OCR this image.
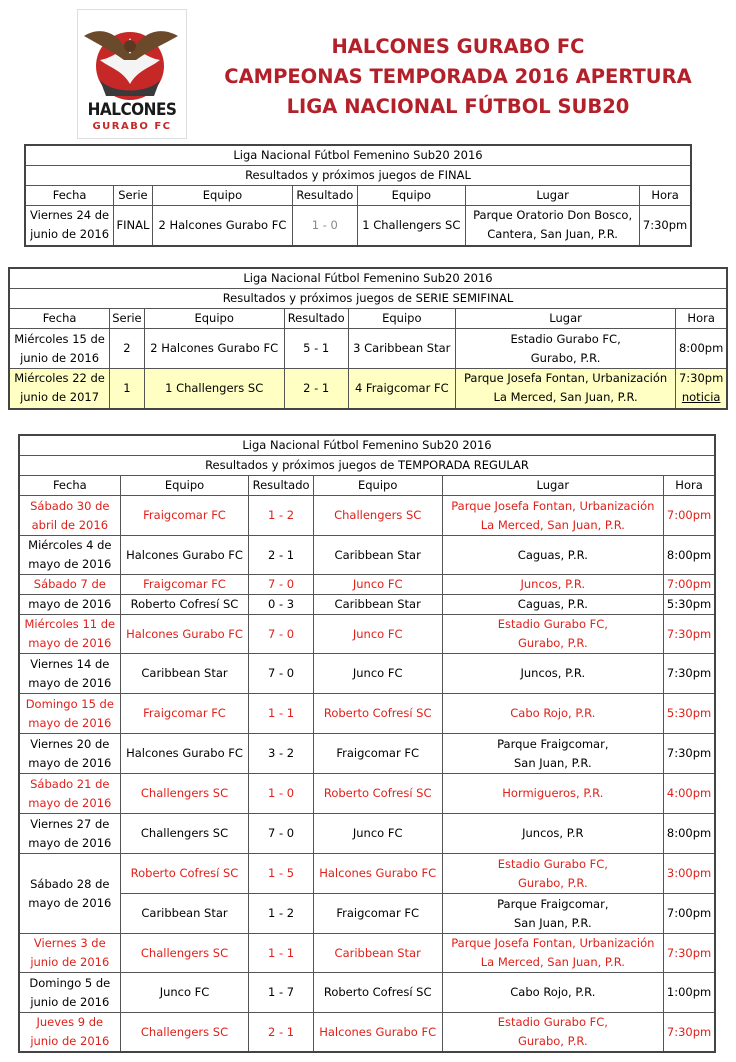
HALCONES
GURABO FC
HALCONES GURABO FC
CAMPEONAS TEMPORADA 2016 APERTURA
LIGA NACIONAL FÚTBOL SUB20
Liga Nacional Fútbol Femenino Sub20 2016						
Resultados y próximos juegos de FINAL						
Fecha	Serie	Equipo	Resultado	Equipo	Lugar	Hora
Viernes 24 de
junio de 2016	FINAL	2 Halcones Gurabo FC	1 - 0	1 Challengers SC	Parque Oratorio Don Bosco,
Cantera, San Juan, P.R.	7:30pm
Liga Nacional Fútbol Femenino Sub20 2016						
Resultados y próximos juegos de SERIE SEMIFINAL						
Fecha	Serie	Equipo	Resultado	Equipo	Lugar	Hora
Miércoles 15 de
junio de 2016	2	2 Halcones Gurabo FC	5 - 1	3 Caribbean Star	Estadio Gurabo FC,
Gurabo, P.R.	8:00pm
Miércoles 22 de
junio de 2017	1	1 Challengers SC	2 - 1	4 Fraigcomar FC	Parque Josefa Fontan, Urbanización
La Merced, San Juan, P.R.	7:30pm
noticia
Liga Nacional Fútbol Femenino Sub20 2016					
Resultados y próximos juegos de TEMPORADA REGULAR					
Fecha	Equipo	Resultado	Equipo	Lugar	Hora
Sábado 30 de
abril de 2016	Fraigcomar FC	1 - 2	Challengers SC	Parque Josefa Fontan, Urbanización
La Merced, San Juan, P.R.	7:00pm
Miércoles 4 de
mayo de 2016	Halcones Gurabo FC	2 - 1	Caribbean Star	Caguas, P.R.	8:00pm
Sábado 7 de	Fraigcomar FC	7 - 0	Junco FC	Juncos, P.R.	7:00pm
mayo de 2016	Roberto Cofresí SC	0 - 3	Caribbean Star	Caguas, P.R.	5:30pm
Miércoles 11 de
mayo de 2016	Halcones Gurabo FC	7 - 0	Junco FC	Estadio Gurabo FC,
Gurabo, P.R.	7:30pm
Viernes 14 de
mayo de 2016	Caribbean Star	7 - 0	Junco FC	Juncos, P.R.	7:30pm
Domingo 15 de
mayo de 2016	Fraigcomar FC	1 - 1	Roberto Cofresí SC	Cabo Rojo, P.R.	5:30pm
Viernes 20 de
mayo de 2016	Halcones Gurabo FC	3 - 2	Fraigcomar FC	Parque Fraigcomar,
San Juan, P.R.	7:30pm
Sábado 21 de
mayo de 2016	Challengers SC	1 - 0	Roberto Cofresí SC	Hormigueros, P.R.	4:00pm
Viernes 27 de
mayo de 2016	Challengers SC	7 - 0	Junco FC	Juncos, P.R	8:00pm
Sábado 28 de
mayo de 2016	Roberto Cofresí SC	1 - 5	Halcones Gurabo FC	Estadio Gurabo FC,
Gurabo, P.R.	3:00pm
	Caribbean Star	1 - 2	Fraigcomar FC	Parque Fraigcomar,
San Juan, P.R.	7:00pm
Viernes 3 de
junio de 2016	Challengers SC	1 - 1	Caribbean Star	Parque Josefa Fontan, Urbanización
La Merced, San Juan, P.R.	7:30pm
Domingo 5 de
junio de 2016	Junco FC	1 - 7	Roberto Cofresí SC	Cabo Rojo, P.R.	1:00pm
Jueves 9 de
junio de 2016	Challengers SC	2 - 1	Halcones Gurabo FC	Estadio Gurabo FC,
Gurabo, P.R.	7:30pm
